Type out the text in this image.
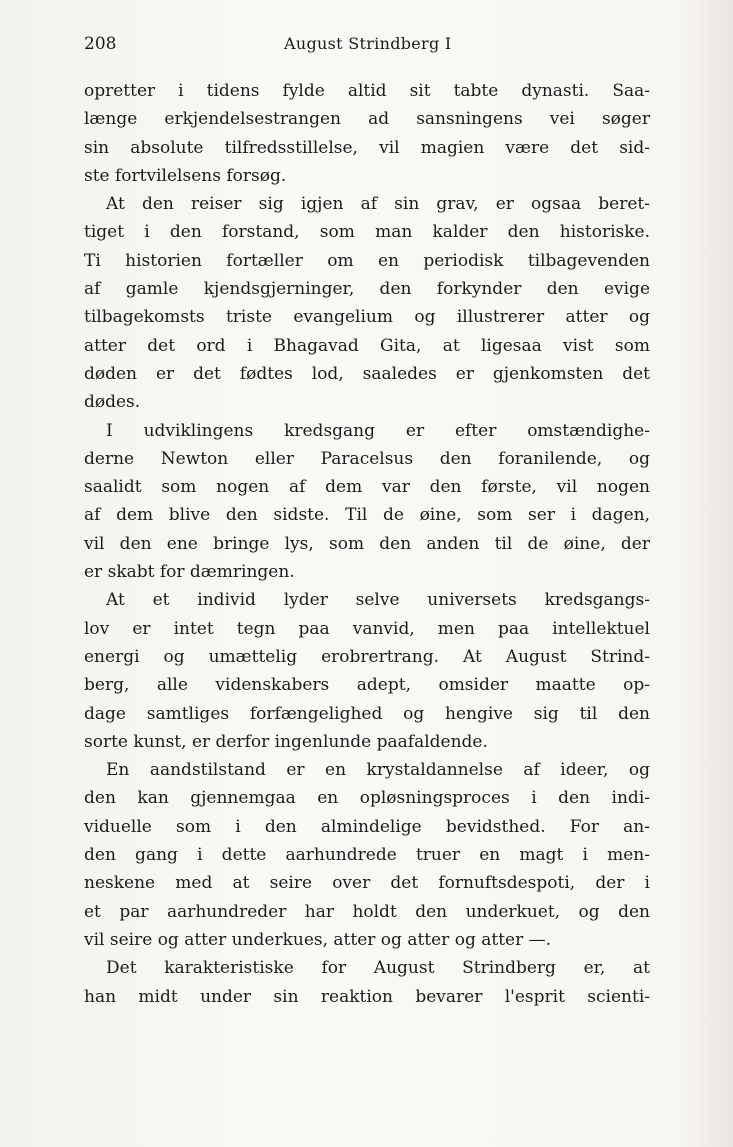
208	August Strindberg I
opretter i tidens fylde altid sit tabte dynasti. Saa-
længe erkjendelsestrangen ad sansningens vei søger
sin absolute tilfredsstillelse, vil magien være det sid-
ste fortvilelsens forsøg.
At den reiser sig igjen af sin grav, er ogsaa beret-
tiget i den forstand, som man kalder den historiske.
Ti historien fortæller om en periodisk tilbagevenden
af gamle kjendsgjerninger, den forkynder den evige
tilbagekomsts triste evangelium og illustrerer atter og
atter det ord i Bhagavad Gita, at ligesaa vist som
døden er det fødtes lod, saaledes er gjenkomsten det
dødes.
I udviklingens kredsgang er efter omstændighe-
derne Newton eller Paracelsus den foranilende, og
saalidt som nogen af dem var den første, vil nogen
af dem blive den sidste. Til de øine, som ser i dagen,
vil den ene bringe lys, som den anden til de øine, der
er skabt for dæmringen.
At et individ lyder selve universets kredsgangs-
lov er intet tegn paa vanvid, men paa intellektuel
energi og umættelig erobrertrang. At August Strind-
berg, alle videnskabers adept, omsider maatte op-
dage samtliges forfængelighed og hengive sig til den
sorte kunst, er derfor ingenlunde paafaldende.
En aandstilstand er en krystaldannelse af ideer, og
den kan gjennemgaa en opløsningsproces i den indi-
viduelle som i den almindelige bevidsthed. For an-
den gang i dette aarhundrede truer en magt i men-
neskene med at seire over det fornuftsdespoti, der i
et par aarhundreder har holdt den underkuet, og den
vil seire og atter underkues, atter og atter og atter —.
Det karakteristiske for August Strindberg er, at
han midt under sin reaktion bevarer l'esprit scienti-
